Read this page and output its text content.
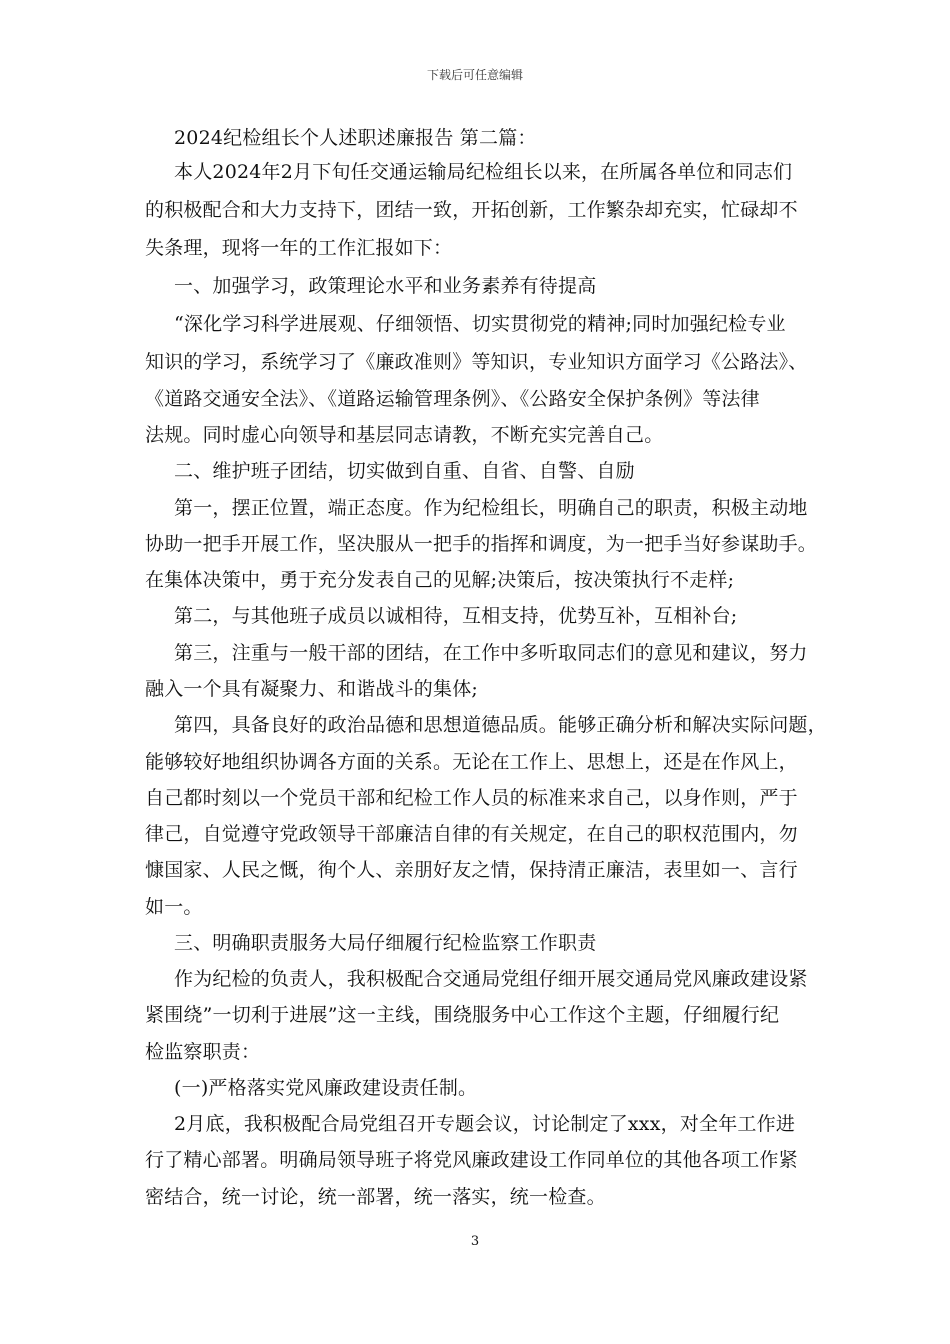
下载后可任意编辑
2024纪检组长个人述职述廉报告 第二篇：
本人2024年2月下旬任交通运输局纪检组长以来，在所属各单位和同志们
的积极配合和大力支持下，团结一致，开拓创新，工作繁杂却充实，忙碌却不
失条理，现将一年的工作汇报如下：
一、加强学习，政策理论水平和业务素养有待提高
“深化学习科学进展观、仔细领悟、切实贯彻党的精神;同时加强纪检专业
知识的学习，系统学习了《廉政准则》等知识，专业知识方面学习《公路法》、
《道路交通安全法》、《道路运输管理条例》、《公路安全保护条例》等法律
法规。同时虚心向领导和基层同志请教，不断充实完善自己。
二、维护班子团结，切实做到自重、自省、自警、自励
第一，摆正位置，端正态度。作为纪检组长，明确自己的职责，积极主动地
协助一把手开展工作，坚决服从一把手的指挥和调度，为一把手当好参谋助手。
在集体决策中，勇于充分发表自己的见解;决策后，按决策执行不走样;
第二，与其他班子成员以诚相待，互相支持，优势互补，互相补台;
第三，注重与一般干部的团结，在工作中多听取同志们的意见和建议，努力
融入一个具有凝聚力、和谐战斗的集体;
第四，具备良好的政治品德和思想道德品质。能够正确分析和解决实际问题，
能够较好地组织协调各方面的关系。无论在工作上、思想上，还是在作风上，
自己都时刻以一个党员干部和纪检工作人员的标准来求自己，以身作则，严于
律己，自觉遵守党政领导干部廉洁自律的有关规定，在自己的职权范围内，勿
慷国家、人民之慨，徇个人、亲朋好友之情，保持清正廉洁，表里如一、言行
如一。
三、明确职责服务大局仔细履行纪检监察工作职责
作为纪检的负责人，我积极配合交通局党组仔细开展交通局党风廉政建设紧
紧围绕”一切利于进展”这一主线，围绕服务中心工作这个主题，仔细履行纪
检监察职责：
(一)严格落实党风廉政建设责任制。
2月底，我积极配合局党组召开专题会议，讨论制定了xxx，对全年工作进
行了精心部署。明确局领导班子将党风廉政建设工作同单位的其他各项工作紧
密结合，统一讨论，统一部署，统一落实，统一检查。
3
